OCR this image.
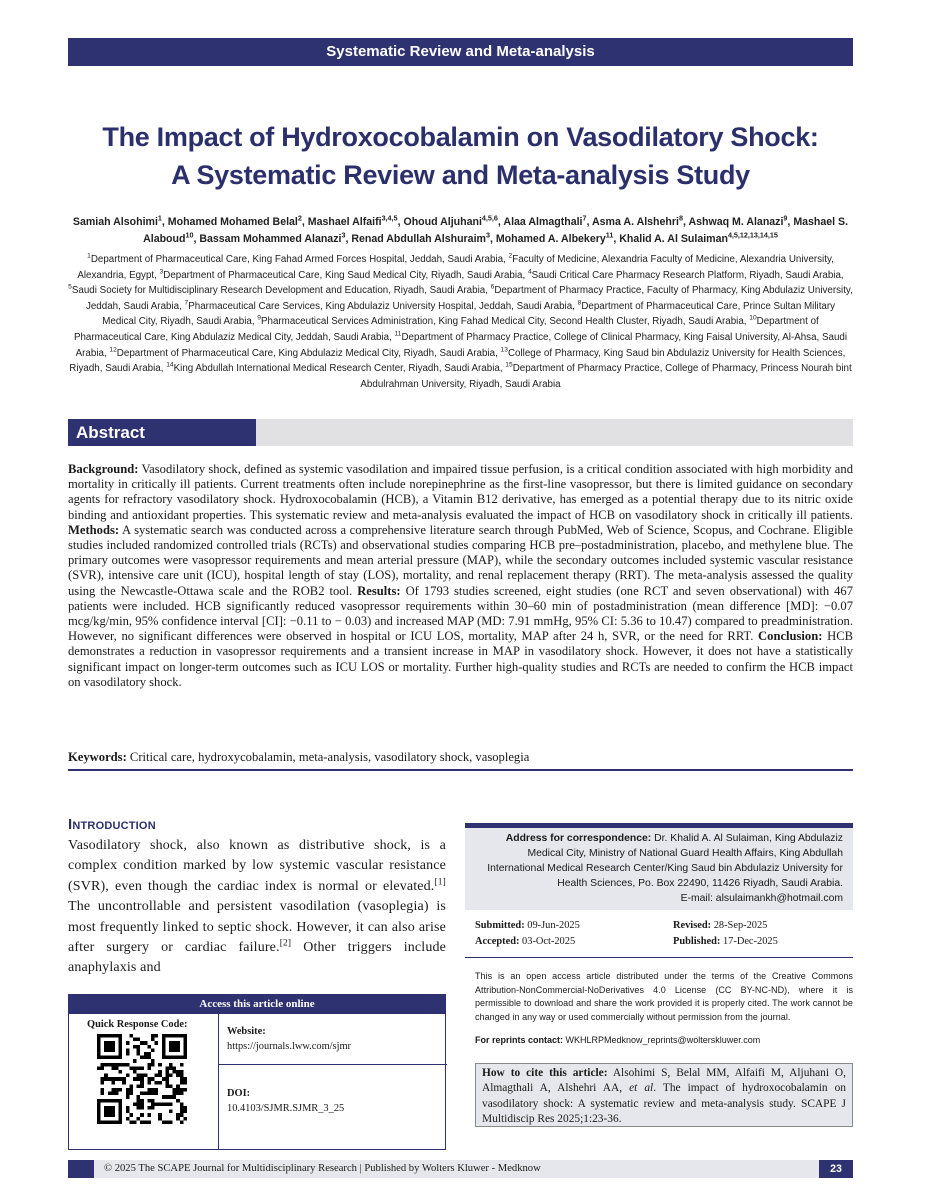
Systematic Review and Meta-analysis
The Impact of Hydroxocobalamin on Vasodilatory Shock:
A Systematic Review and Meta-analysis Study
Samiah Alsohimi$^1$, Mohamed Mohamed Belal$^2$, Mashael Alfaifi$^{3,4,5}$, Ohoud Aljuhani$^{4,5,6}$, Alaa Almagthali$^7$, Asma A. Alshehri$^8$, Ashwaq M. Alanazi$^9$, Mashael S. Alaboud$^{10}$, Bassam Mohammed Alanazi$^3$, Renad Abdullah Alshuraim$^3$, Mohamed A. Albekery$^{11}$, Khalid A. Al Sulaiman$^{4,5,12,13,14,15}$
$^1$Department of Pharmaceutical Care, King Fahad Armed Forces Hospital, Jeddah, Saudi Arabia, $^2$Faculty of Medicine, Alexandria Faculty of Medicine, Alexandria University, Alexandria, Egypt, $^3$Department of Pharmaceutical Care, King Saud Medical City, Riyadh, Saudi Arabia, $^4$Saudi Critical Care Pharmacy Research Platform, Riyadh, Saudi Arabia, $^5$Saudi Society for Multidisciplinary Research Development and Education, Riyadh, Saudi Arabia, $^6$Department of Pharmacy Practice, Faculty of Pharmacy, King Abdulaziz University, Jeddah, Saudi Arabia, $^7$Pharmaceutical Care Services, King Abdulaziz University Hospital, Jeddah, Saudi Arabia, $^8$Department of Pharmaceutical Care, Prince Sultan Military Medical City, Riyadh, Saudi Arabia, $^9$Pharmaceutical Services Administration, King Fahad Medical City, Second Health Cluster, Riyadh, Saudi Arabia, $^{10}$Department of Pharmaceutical Care, King Abdulaziz Medical City, Jeddah, Saudi Arabia, $^{11}$Department of Pharmacy Practice, College of Clinical Pharmacy, King Faisal University, Al-Ahsa, Saudi Arabia, $^{12}$Department of Pharmaceutical Care, King Abdulaziz Medical City, Riyadh, Saudi Arabia, $^{13}$College of Pharmacy, King Saud bin Abdulaziz University for Health Sciences, Riyadh, Saudi Arabia, $^{14}$King Abdullah International Medical Research Center, Riyadh, Saudi Arabia, $^{15}$Department of Pharmacy Practice, College of Pharmacy, Princess Nourah bint Abdulrahman University, Riyadh, Saudi Arabia
Abstract
Background: Vasodilatory shock, defined as systemic vasodilation and impaired tissue perfusion, is a critical condition associated with high morbidity and mortality in critically ill patients. Current treatments often include norepinephrine as the first-line vasopressor, but there is limited guidance on secondary agents for refractory vasodilatory shock. Hydroxocobalamin (HCB), a Vitamin B12 derivative, has emerged as a potential therapy due to its nitric oxide binding and antioxidant properties. This systematic review and meta-analysis evaluated the impact of HCB on vasodilatory shock in critically ill patients. Methods: A systematic search was conducted across a comprehensive literature search through PubMed, Web of Science, Scopus, and Cochrane. Eligible studies included randomized controlled trials (RCTs) and observational studies comparing HCB pre–postadministration, placebo, and methylene blue. The primary outcomes were vasopressor requirements and mean arterial pressure (MAP), while the secondary outcomes included systemic vascular resistance (SVR), intensive care unit (ICU), hospital length of stay (LOS), mortality, and renal replacement therapy (RRT). The meta-analysis assessed the quality using the Newcastle-Ottawa scale and the ROB2 tool. Results: Of 1793 studies screened, eight studies (one RCT and seven observational) with 467 patients were included. HCB significantly reduced vasopressor requirements within 30–60 min of postadministration (mean difference [MD]: −0.07 mcg/kg/min, 95% confidence interval [CI]: −0.11 to − 0.03) and increased MAP (MD: 7.91 mmHg, 95% CI: 5.36 to 10.47) compared to preadministration. However, no significant differences were observed in hospital or ICU LOS, mortality, MAP after 24 h, SVR, or the need for RRT. Conclusion: HCB demonstrates a reduction in vasopressor requirements and a transient increase in MAP in vasodilatory shock. However, it does not have a statistically significant impact on longer-term outcomes such as ICU LOS or mortality. Further high-quality studies and RCTs are needed to confirm the HCB impact on vasodilatory shock.
Keywords: Critical care, hydroxycobalamin, meta-analysis, vasodilatory shock, vasoplegia
Introduction
Vasodilatory shock, also known as distributive shock, is a complex condition marked by low systemic vascular resistance (SVR), even though the cardiac index is normal or elevated.[1] The uncontrollable and persistent vasodilation (vasoplegia) is most frequently linked to septic shock. However, it can also arise after surgery or cardiac failure.[2] Other triggers include anaphylaxis and
Access this article online
Quick Response Code:
Website:
https://journals.lww.com/sjmr
DOI:
10.4103/SJMR.SJMR_3_25
Address for correspondence: Dr. Khalid A. Al Sulaiman, King Abdulaziz Medical City, Ministry of National Guard Health Affairs, King Abdullah International Medical Research Center/King Saud bin Abdulaziz University for Health Sciences, Po. Box 22490, 11426 Riyadh, Saudi Arabia.
E-mail: alsulaimankh@hotmail.com
Submitted: 09-Jun-2025	Revised: 28-Sep-2025
Accepted: 03-Oct-2025	Published: 17-Dec-2025
This is an open access article distributed under the terms of the Creative Commons Attribution-NonCommercial-NoDerivatives 4.0 License (CC BY-NC-ND), where it is permissible to download and share the work provided it is properly cited. The work cannot be changed in any way or used commercially without permission from the journal.
For reprints contact: WKHLRPMedknow_reprints@wolterskluwer.com
How to cite this article: Alsohimi S, Belal MM, Alfaifi M, Aljuhani O, Almagthali A, Alshehri AA, et al. The impact of hydroxocobalamin on vasodilatory shock: A systematic review and meta-analysis study. SCAPE J Multidiscip Res 2025;1:23-36.
© 2025 The SCAPE Journal for Multidisciplinary Research | Published by Wolters Kluwer - Medknow	23
